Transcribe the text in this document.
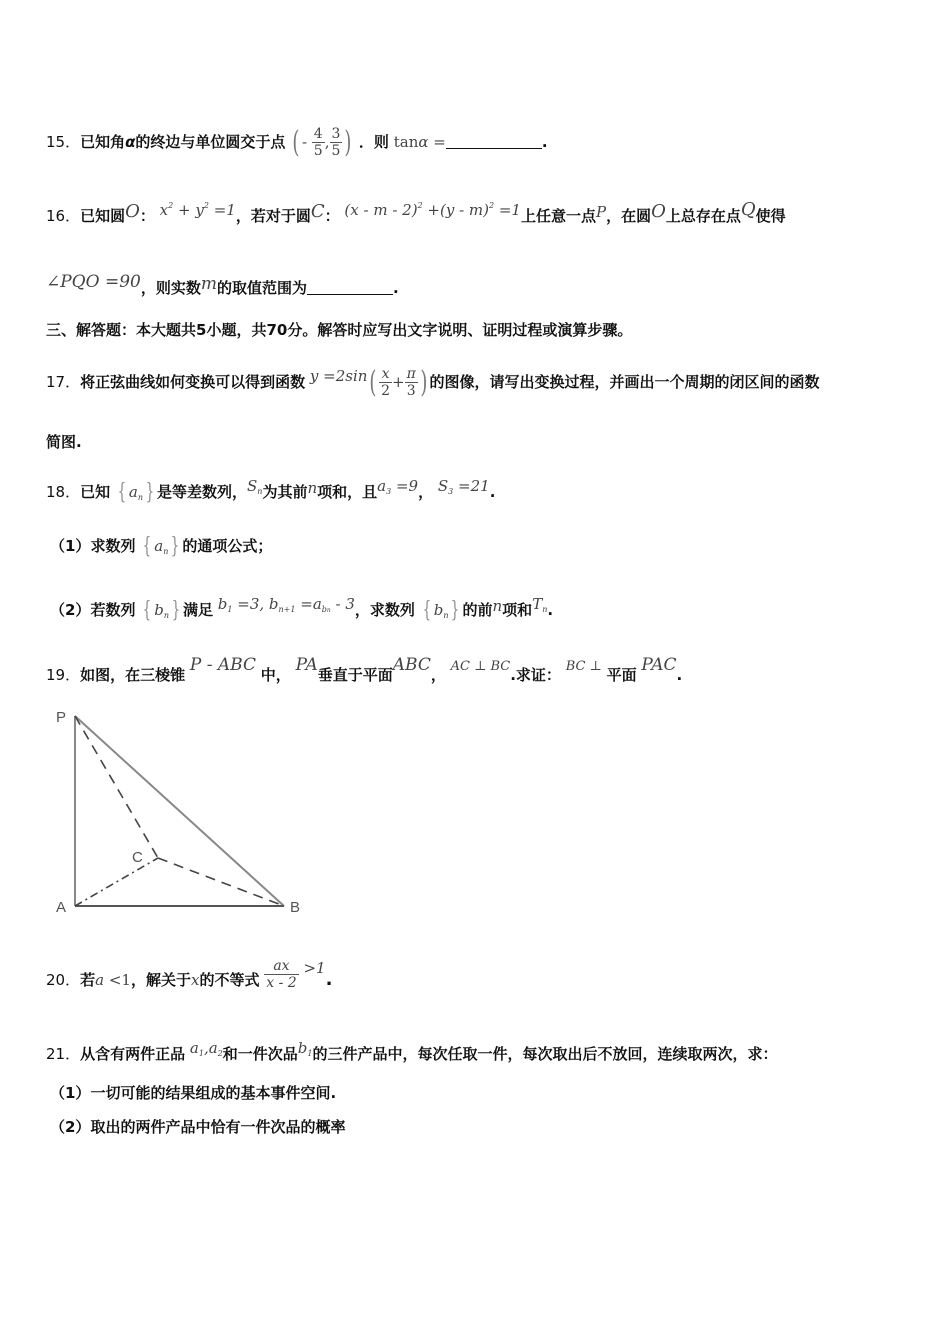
15．已知角α的终边与单位圆交于点 ( - $\frac{4}{5}$ , $\frac{3}{5}$ ) ．则 tanα =	.
16．已知圆O： $x^2 + y^2 =1$，若对于圆C： (x - m - 2)$^2$ +(y - m)$^2$ =1上任意一点P，在圆O上总存在点Q使得
∠PQO =90，则实数m的取值范围为	.
三、解答题：本大题共5小题，共70分。解答时应写出文字说明、证明过程或演算步骤。
17．将正弦曲线如何变换可以得到函数 $y =2\sin( \frac{x}{2} + \frac{\pi}{3}$ ) 的图像，请写出变换过程，并画出一个周期的闭区间的函数
简图.
18．已知 { $a_n$ } 是等差数列，$S_n$为其前n项和，且$a_3 =9$， $S_3 =21$.
（1）求数列 { $a_n$ } 的通项公式；
（2）若数列 { $b_n$ } 满足 $b_1 =3$, $b_{n+1} =a_{bn} - 3$，求数列 { $b_n$ } 的前n项和$T_n$.
19．如图，在三棱锥 P - ABC 中， PA垂直于平面ABC， AC ⊥ BC.求证： BC ⊥ 平面 PAC.
P
A	B
C
20．若a <1，解关于x的不等式 $\frac{ax}{x - 2} >1$.
21．从含有两件正品 $a_1,a_2$和一件次品$b_1$的三件产品中，每次任取一件，每次取出后不放回，连续取两次，求：
（1）一切可能的结果组成的基本事件空间.
（2）取出的两件产品中恰有一件次品的概率
